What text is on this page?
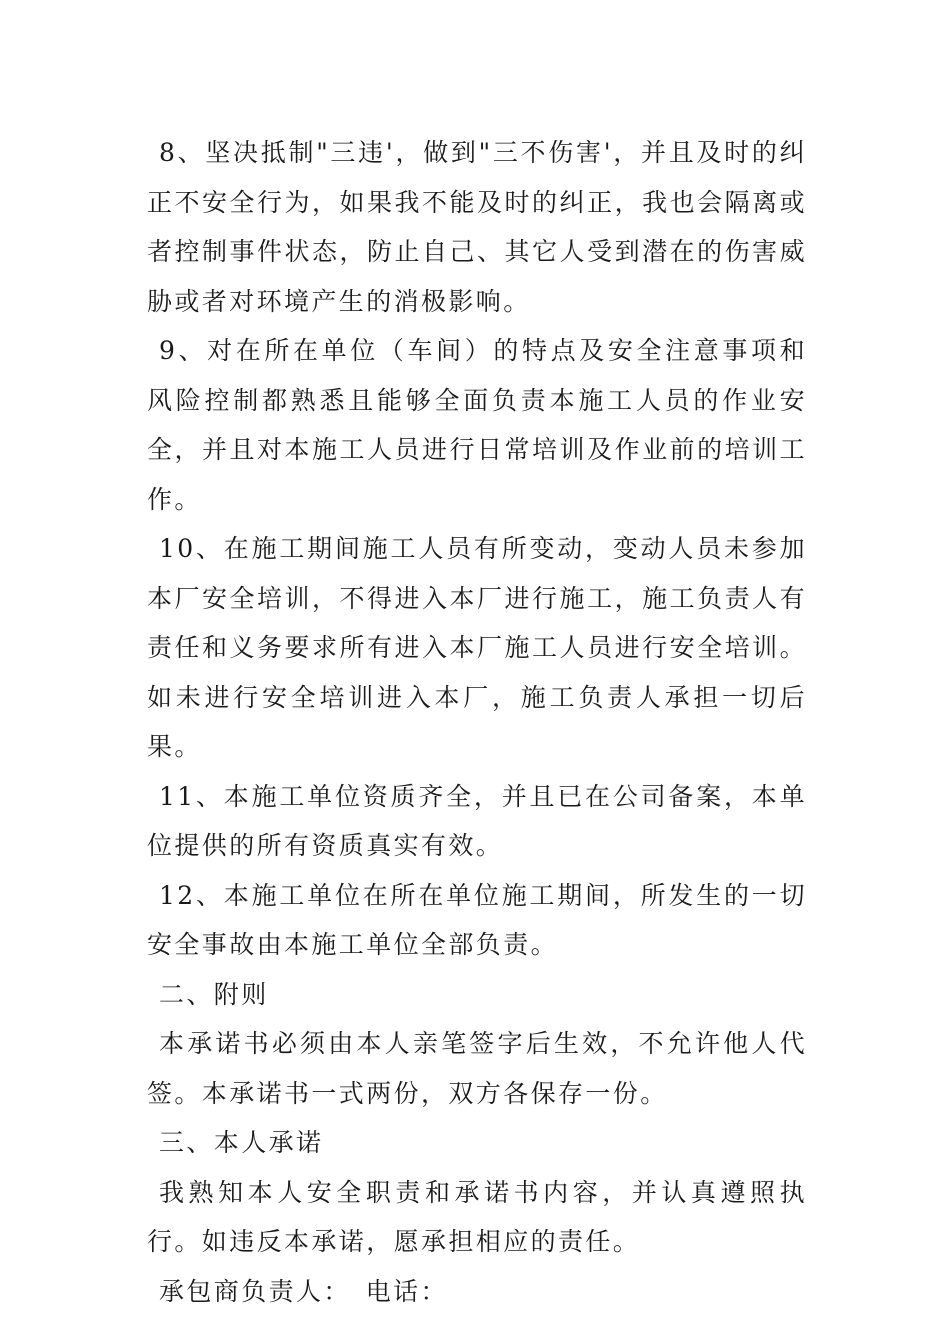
8、坚决抵制"三违'，做到"三不伤害'，并且及时的纠正不安全行为，如果我不能及时的纠正，我也会隔离或者控制事件状态，防止自己、其它人受到潜在的伤害威胁或者对环境产生的消极影响。

9、对在所在单位（车间）的特点及安全注意事项和风险控制都熟悉且能够全面负责本施工人员的作业安全，并且对本施工人员进行日常培训及作业前的培训工作。

10、在施工期间施工人员有所变动，变动人员未参加本厂安全培训，不得进入本厂进行施工，施工负责人有责任和义务要求所有进入本厂施工人员进行安全培训。如未进行安全培训进入本厂，施工负责人承担一切后果。

11、本施工单位资质齐全，并且已在公司备案，本单位提供的所有资质真实有效。

12、本施工单位在所在单位施工期间，所发生的一切安全事故由本施工单位全部负责。

二、附则

本承诺书必须由本人亲笔签字后生效，不允许他人代签。本承诺书一式两份，双方各保存一份。

三、本人承诺

我熟知本人安全职责和承诺书内容，并认真遵照执行。如违反本承诺，愿承担相应的责任。

承包商负责人：　电话：
